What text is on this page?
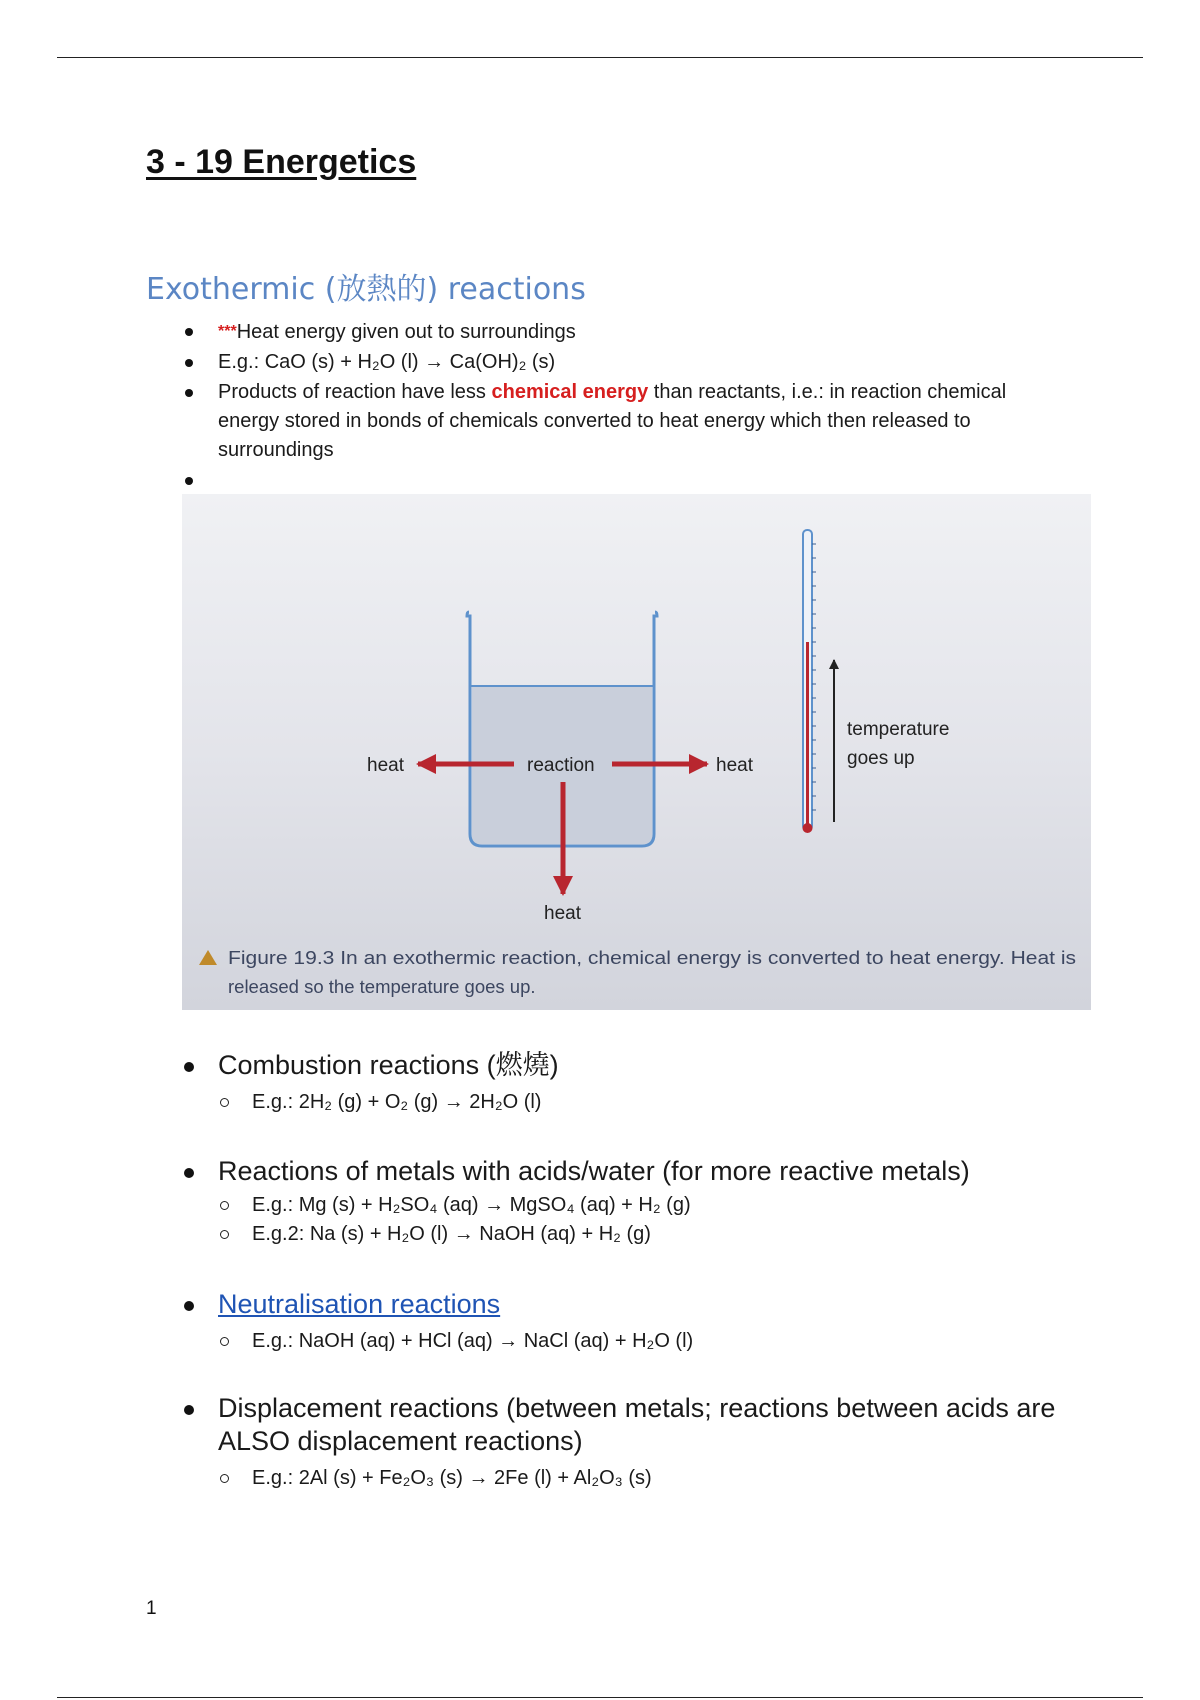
3 - 19 Energetics
Exothermic (放熱的) reactions
***Heat energy given out to surroundings
E.g.: CaO (s) + H₂O (l) → Ca(OH)₂ (s)
Products of reaction have less chemical energy than reactants, i.e.: in reaction chemical energy stored in bonds of chemicals converted to heat energy which then released to surroundings

heat	reaction	heat
heat
temperature
goes up
Figure 19.3 In an exothermic reaction, chemical energy is converted to heat energy. Heat is
released so the temperature goes up.
Combustion reactions (燃燒)
E.g.: 2H₂ (g) + O₂ (g) → 2H₂O (l)
Reactions of metals with acids/water (for more reactive metals)
E.g.: Mg (s) + H₂SO₄ (aq) → MgSO₄ (aq) + H₂ (g)
E.g.2: Na (s) + H₂O (l) → NaOH (aq) + H₂ (g)
Neutralisation reactions
E.g.: NaOH (aq) + HCl (aq) → NaCl (aq) + H₂O (l)
Displacement reactions (between metals; reactions between acids are ALSO displacement reactions)
E.g.: 2Al (s) + Fe₂O₃ (s) → 2Fe (l) + Al₂O₃ (s)
1
